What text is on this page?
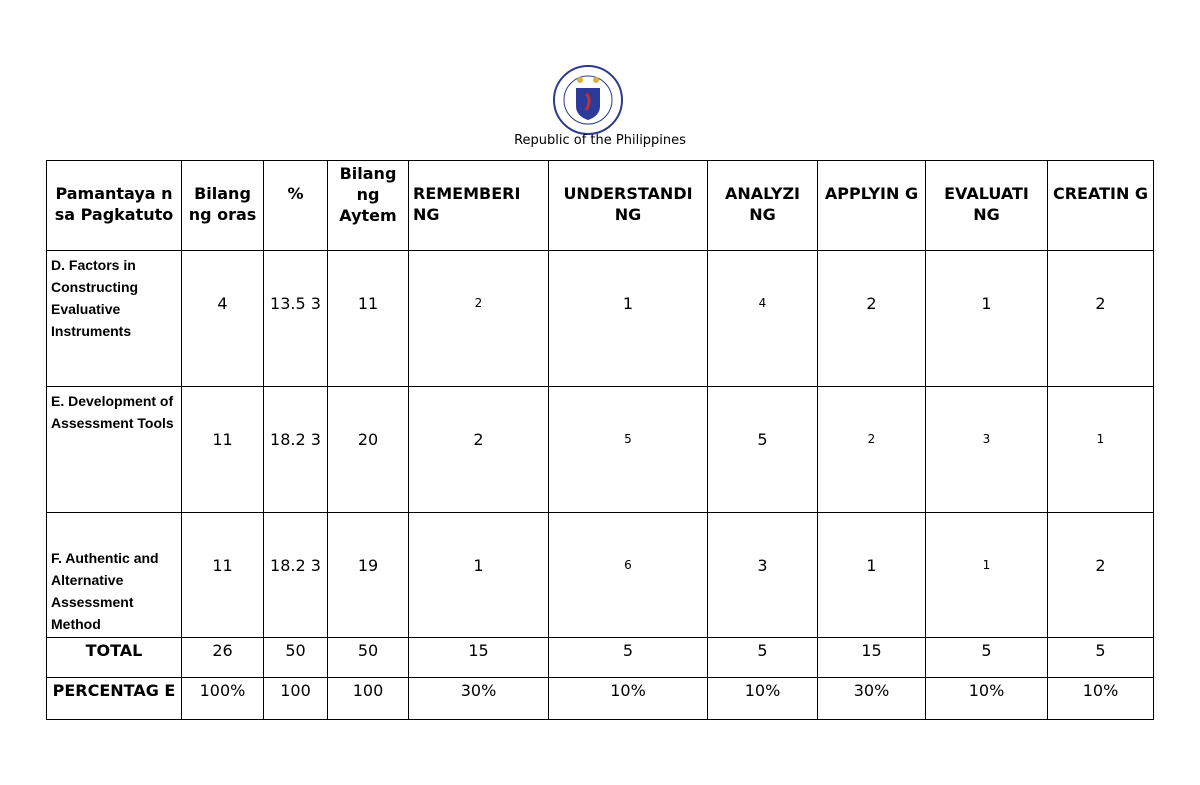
Republic of the Philippines
Pamantaya n sa Pagkatuto	Bilang ng oras	%	Bilang ng Aytem	REMEMBERI NG	UNDERSTANDI NG	ANALYZI NG	APPLYIN G	EVALUATI NG	CREATIN G
D. Factors in Constructing Evaluative Instruments	4	13.5 3	11	2	1	4	2	1	2
E. Development of Assessment Tools	11	18.2 3	20	2	5	5	2	3	1
F. Authentic and Alternative Assessment Method	11	18.2 3	19	1	6	3	1	1	2
TOTAL	26	50	50	15	5	5	15	5	5
PERCENTAG E	100%	100	100	30%	10%	10%	30%	10%	10%
